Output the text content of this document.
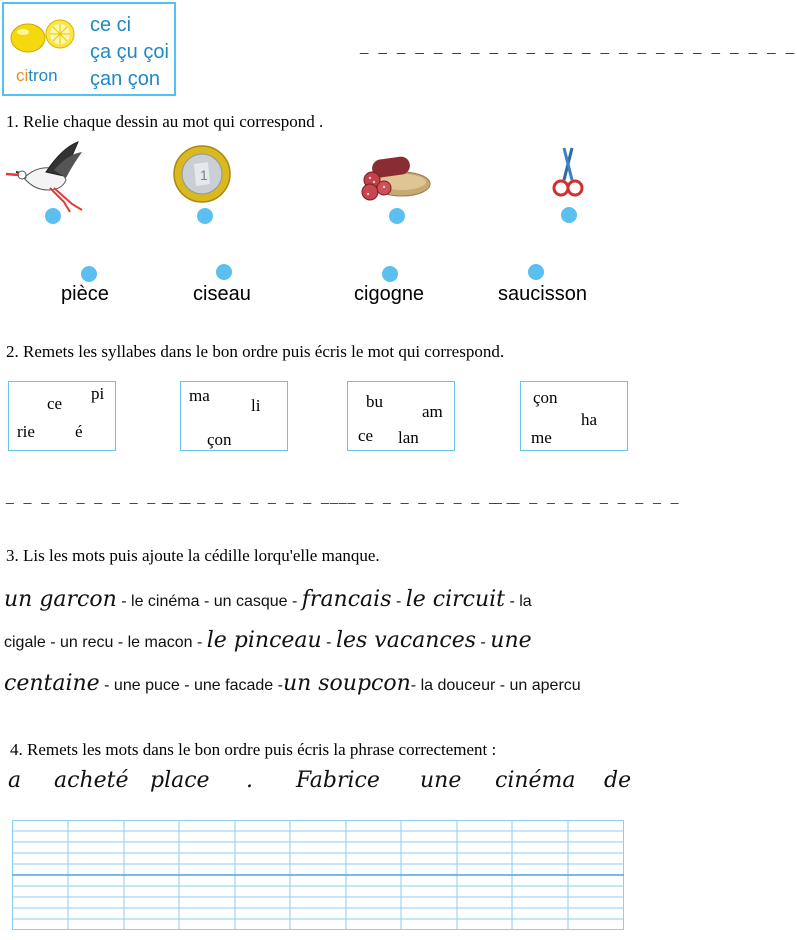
citron
ce ci
ça çu çoi
çan çon
_ _ _ _ _ _ _ _ _ _ _ _ _ _ _ _ _ _ _ _ _ _ _ _
1. Relie chaque dessin au mot qui correspond .
1
pièce	ciseau	cigogne	saucisson
2. Remets les syllabes dans le bon ordre puis écris le mot qui correspond.
ce
pi
rie é
ma
li
çon
bu
am
ce lan
çon
ha
me
_ _ _ _ _ _ _ _ _ _ _
_ _ _ _ _ _ _ _ _ _ _
_ _ _ _ _ _ _ _ _ _ _
_ _ _ _ _ _ _ _ _ _ _
3. Lis les mots puis ajoute la cédille lorqu'elle manque.
un garcon - le cinéma - un casque - francais - le circuit - la
cigale - un recu - le macon - le pinceau - les vacances - une
centaine - une puce - une facade -un soupcon- la douceur - un apercu
4. Remets les mots dans le bon ordre puis écris la phrase correctement :
a acheté place . Fabrice une cinéma de
